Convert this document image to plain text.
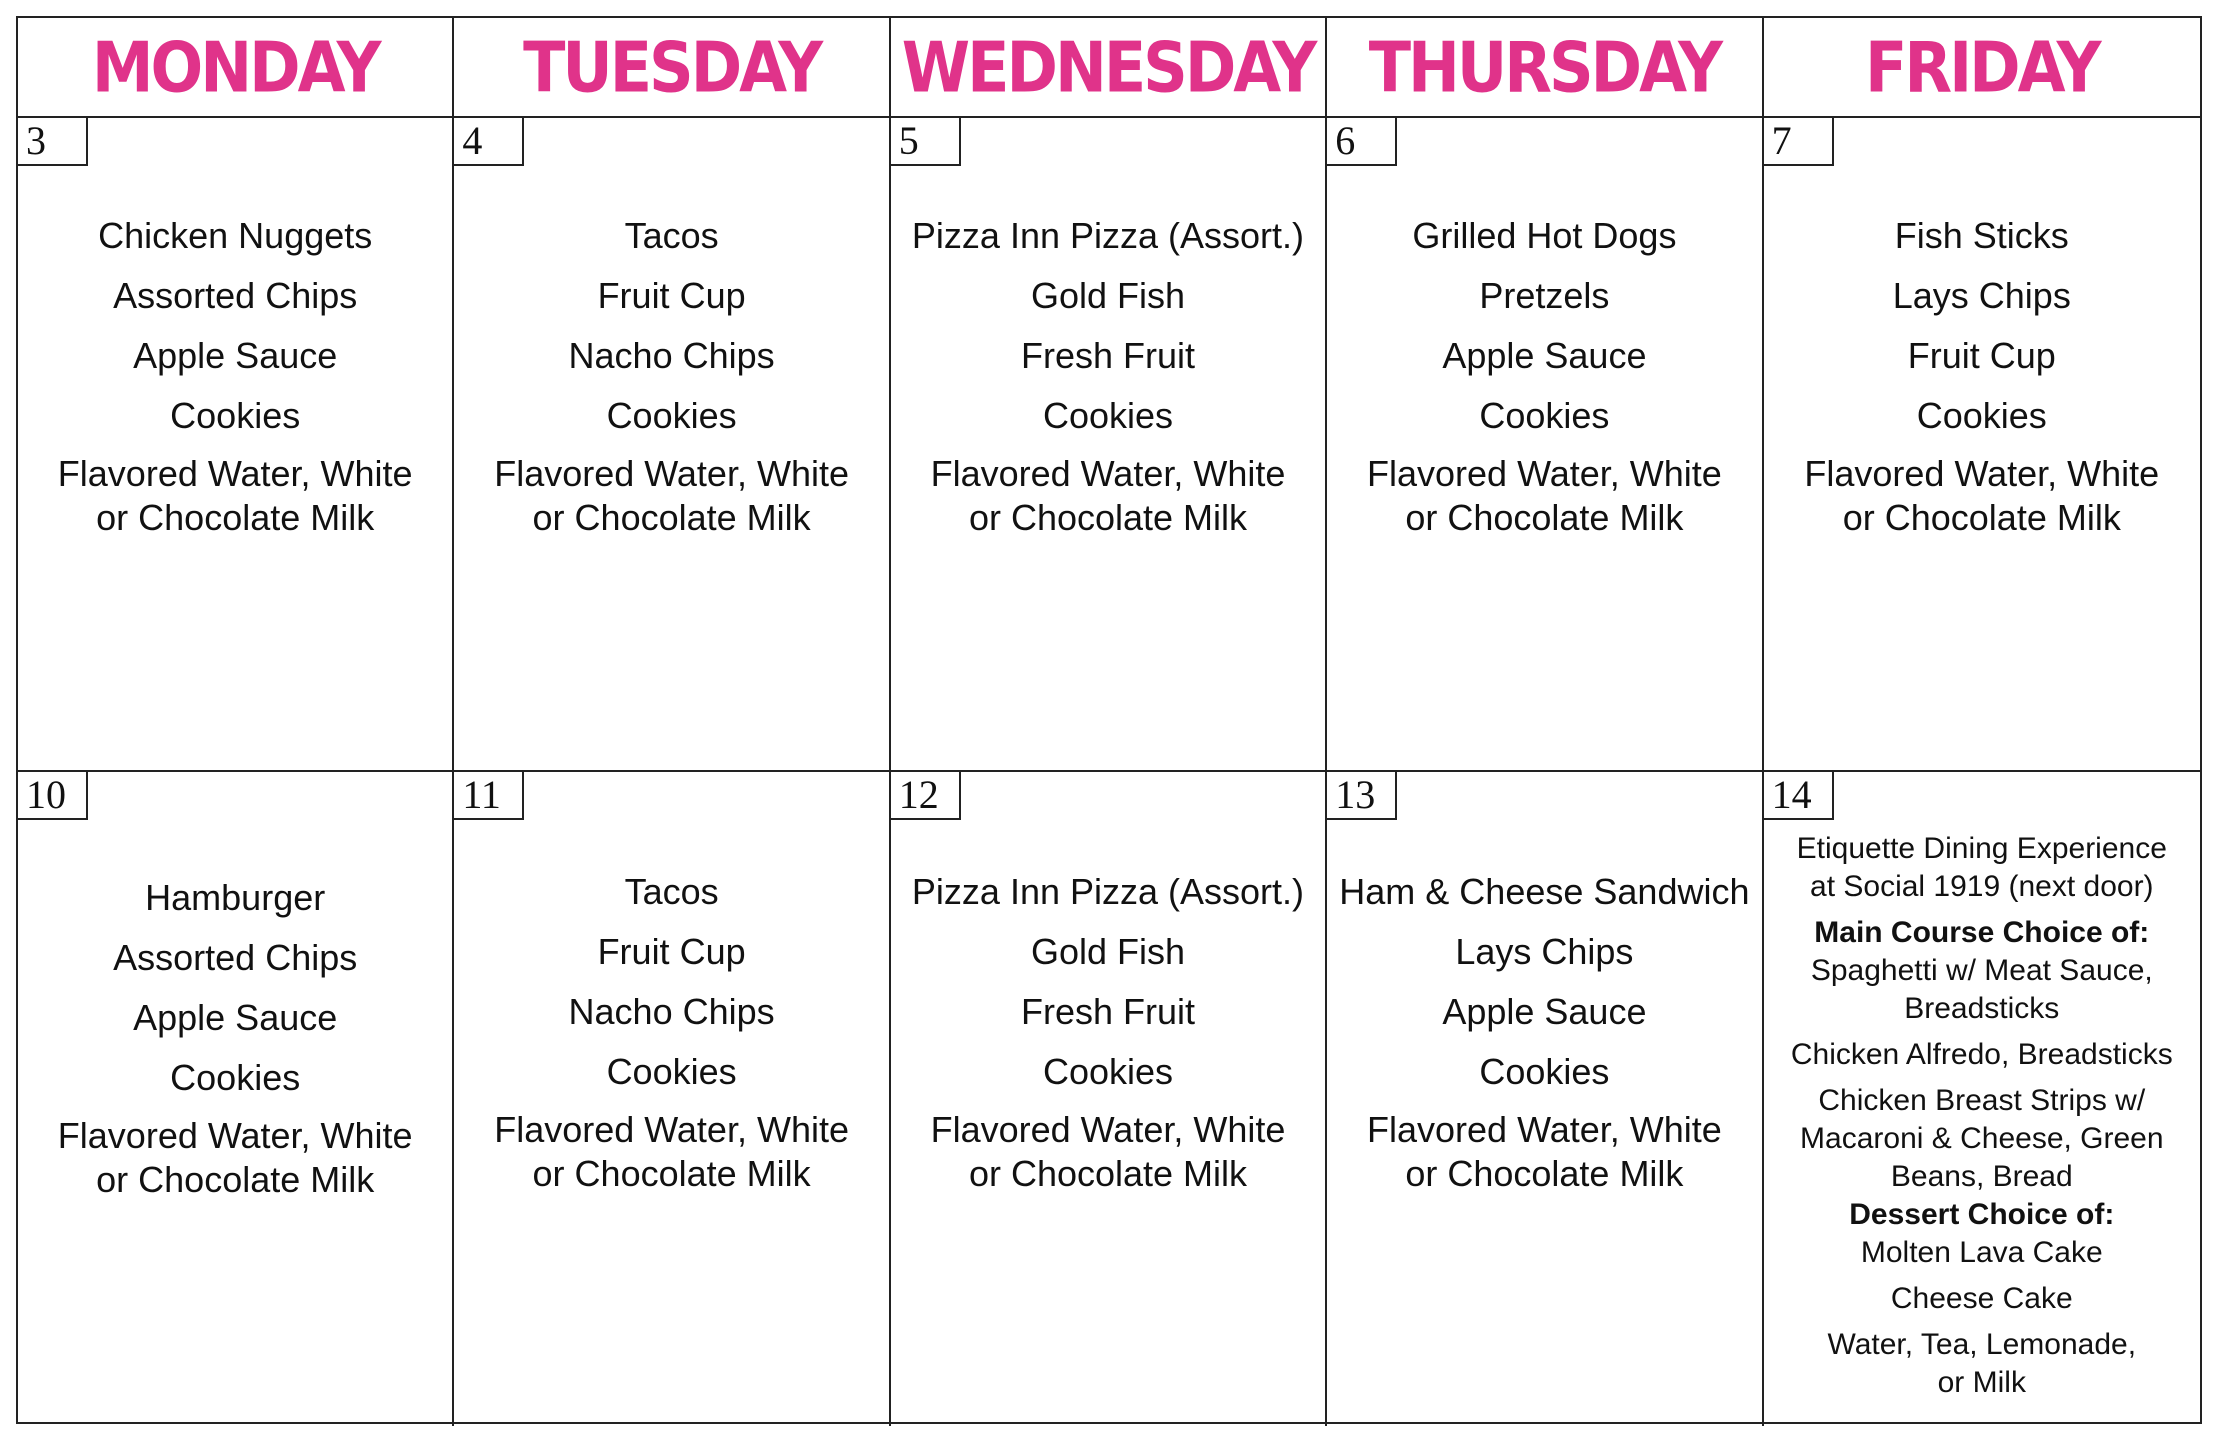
MONDAY TUESDAY WEDNESDAY THURSDAY FRIDAY
3
Chicken Nuggets
Assorted Chips
Apple Sauce
Cookies
Flavored Water, White
or Chocolate Milk
4
Tacos
Fruit Cup
Nacho Chips
Cookies
Flavored Water, White
or Chocolate Milk
5
Pizza Inn Pizza (Assort.)
Gold Fish
Fresh Fruit
Cookies
Flavored Water, White
or Chocolate Milk
6
Grilled Hot Dogs
Pretzels
Apple Sauce
Cookies
Flavored Water, White
or Chocolate Milk
7
Fish Sticks
Lays Chips
Fruit Cup
Cookies
Flavored Water, White
or Chocolate Milk
10
Hamburger
Assorted Chips
Apple Sauce
Cookies
Flavored Water, White
or Chocolate Milk
11
Tacos
Fruit Cup
Nacho Chips
Cookies
Flavored Water, White
or Chocolate Milk
12
Pizza Inn Pizza (Assort.)
Gold Fish
Fresh Fruit
Cookies
Flavored Water, White
or Chocolate Milk
13
Ham & Cheese Sandwich
Lays Chips
Apple Sauce
Cookies
Flavored Water, White
or Chocolate Milk
14
Etiquette Dining Experience
at Social 1919 (next door)
Main Course Choice of:
Spaghetti w/ Meat Sauce,
Breadsticks
Chicken Alfredo, Breadsticks
Chicken Breast Strips w/
Macaroni & Cheese, Green
Beans, Bread
Dessert Choice of:
Molten Lava Cake
Cheese Cake
Water, Tea, Lemonade,
or Milk
